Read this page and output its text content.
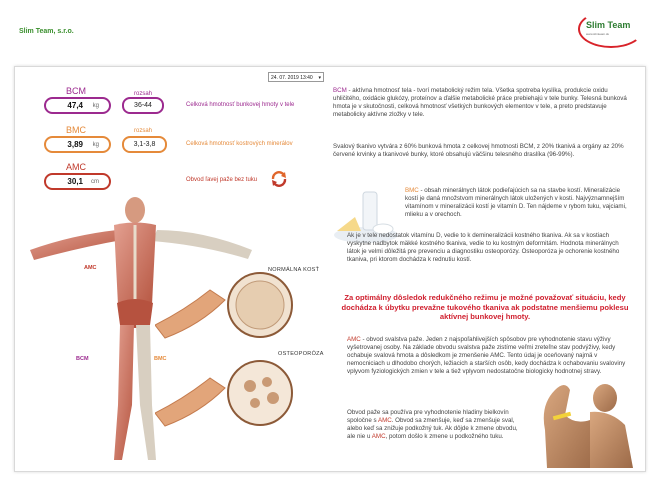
Slim Team, s.r.o.
Slim Team
www.slimteam.sk
24. 07. 2019 13:40 ▾
BCM	rozsah
47,4 kg	36-44	Celková hmotnosť bunkovej hmoty v tele
BMC	rozsah
3,89 kg	3,1-3,8	Celková hmotnosť kostrových minerálov
AMC
30,1 cm	Obvod ľavej paže bez tuku
AMC
BCM	BMC
NORMÁLNA KOSŤ
OSTEOPORÓZA
BCM - aktívna hmotnosť tela - tvorí metabolický režim tela. Všetka spotreba kyslíka, produkcie oxidu uhličitého, oxidácie glukózy, proteínov a ďalšie metabolické práce prebiehajú v tele bunky. Telesná bunková hmota je v skutočnosti, celková hmotnosť všetkých bunkových elementov v tele, a preto predstavuje metabolicky aktívne zložky v tele.
Svalový tkanivo vytvára z 60% bunková hmota z celkovej hmotnosti BCM, z 20% tkanivá a orgány az 20% červené krvinky a tkanivové bunky, ktoré obsahujú väčšinu telesného draslíka (96-99%).
BMC - obsah minerálnych látok podieľajúcich sa na stavbe kostí. Mineralizácie kostí je daná množstvom minerálnych látok uložených v kosti. Najvýznamnejším vitamínom v mineralizácii kostí je vitamín D. Ten nájdeme v rybom tuku, vajciami, mlieku a v orechoch.
Ak je v tele nedostatok vitamínu D, vedie to k demineralizácii kostného tkaniva. Ak sa v kostiach vyskytne nadbytok mäkké kostného tkaniva, vedie to ku kostným deformitám. Hodnota minerálnych látok je velmi dôležitá pre prevenciu a diagnostiku osteoporózy. Osteoporóza je ochorenie kostného tkaniva, pri ktorom dochádza k rednutiu kostí.
Za optimálny dôsledok redukčného režimu je možné považovať situáciu, kedy dochádza k úbytku prevažne tukového tkaniva ak podstatne menšiemu poklesu aktívnej bunkovej hmoty.
AMC - obvod svalstva paže. Jeden z najspoľahlivejších spôsobov pre vyhodnotenie stavu výživy vyšetrovanej osoby. Na základe obvodu svalstva paže zistíme veľmi zreteľne stav podvýživy, kedy ochabuje svalová hmota a dôsledkom je zmenšenie AMC. Tento údaj je oceňovaný najmä v nemocniciach u dlhodobo chorých, ležiacich a starších osôb, kedy dochádza k ochabovaniu svaloviny vplyvom fyziologických zmien v tele a tiež vplyvom nedostatočne biologicky hodnotnej stravy.
Obvod paže sa používa pre vyhodnotenie hladiny bielkovín spoločne s AMC. Obvod sa zmenšuje, keď sa zmenšuje sval, alebo keď sa znižuje podkožný tuk. Ak dôjde k zmene obvodu, ale nie u AMC, potom došlo k zmene u podkožného tuku.
